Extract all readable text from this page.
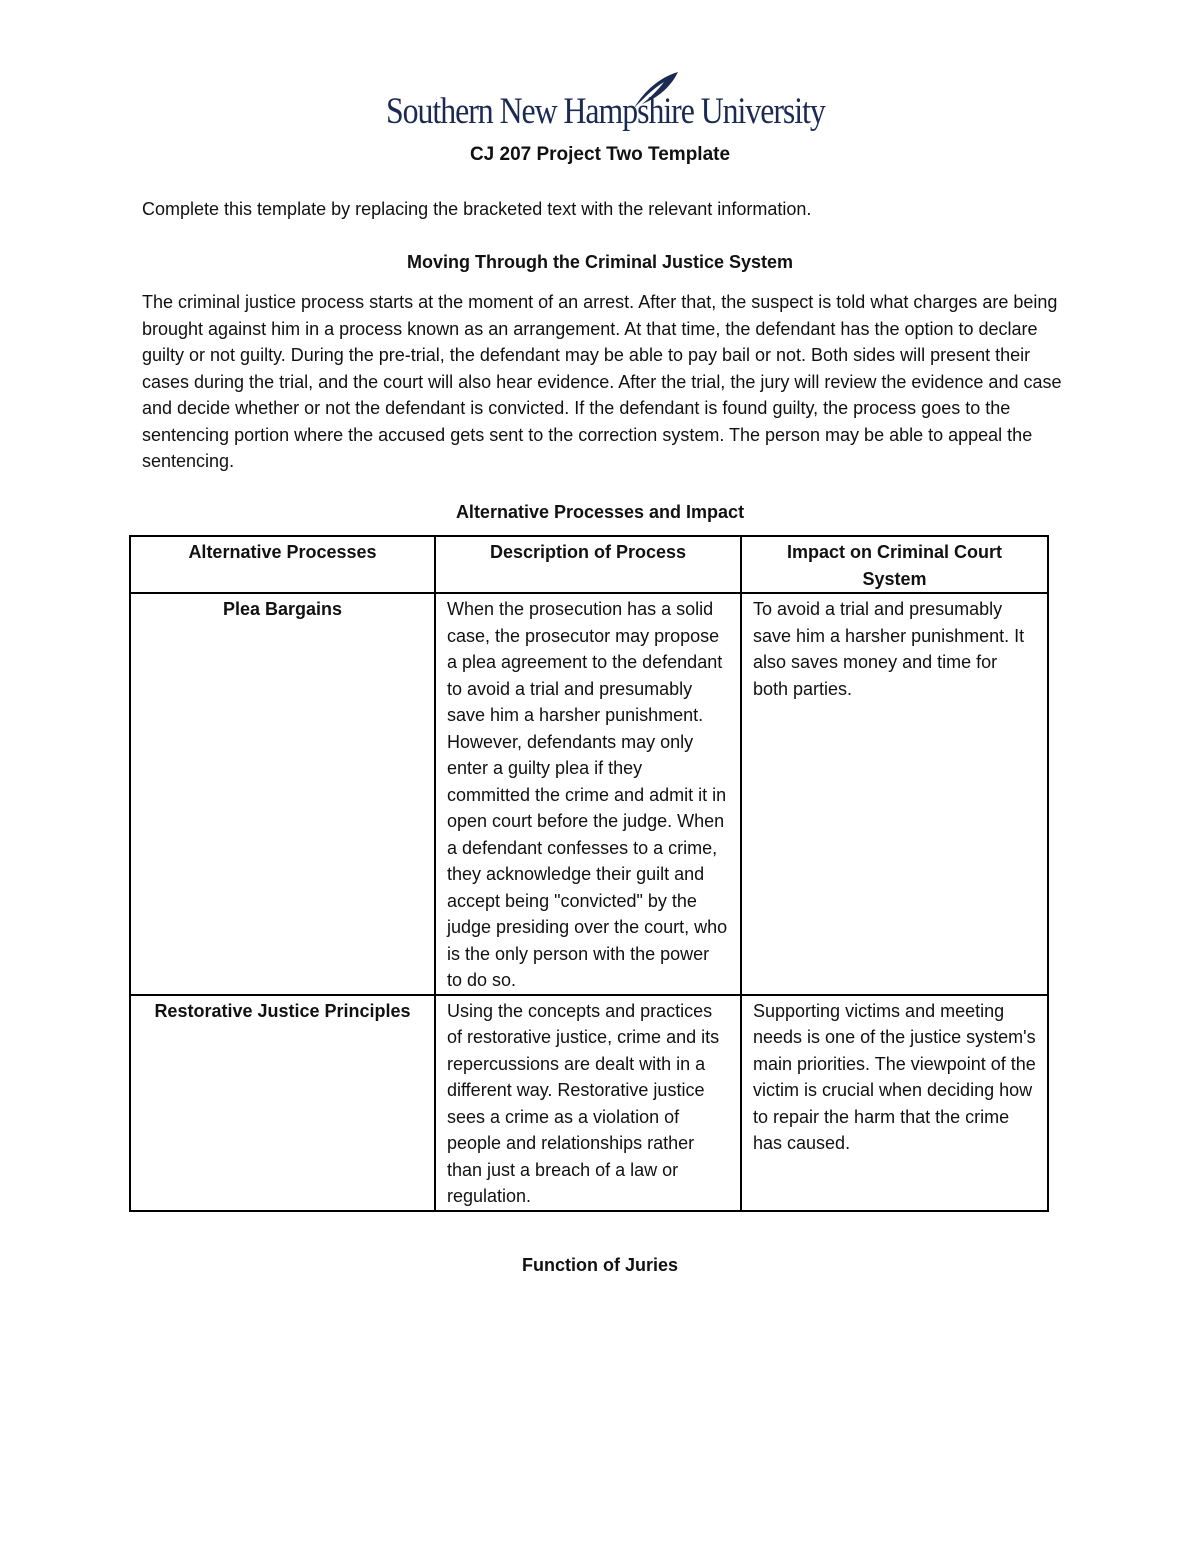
Southern New Hampshire University
CJ 207 Project Two Template

Complete this template by replacing the bracketed text with the relevant information.

Moving Through the Criminal Justice System

The criminal justice process starts at the moment of an arrest. After that, the suspect is told what charges are being brought against him in a process known as an arrangement. At that time, the defendant has the option to declare guilty or not guilty. During the pre-trial, the defendant may be able to pay bail or not. Both sides will present their cases during the trial, and the court will also hear evidence. After the trial, the jury will review the evidence and case and decide whether or not the defendant is convicted. If the defendant is found guilty, the process goes to the sentencing portion where the accused gets sent to the correction system. The person may be able to appeal the sentencing.

Alternative Processes and Impact
Alternative Processes	Description of Process	Impact on Criminal Court System
Plea Bargains	When the prosecution has a solid case, the prosecutor may propose a plea agreement to the defendant to avoid a trial and presumably save him a harsher punishment. However, defendants may only enter a guilty plea if they committed the crime and admit it in open court before the judge. When a defendant confesses to a crime, they acknowledge their guilt and accept being "convicted" by the judge presiding over the court, who is the only person with the power to do so.	To avoid a trial and presumably save him a harsher punishment. It also saves money and time for both parties.
Restorative Justice Principles	Using the concepts and practices of restorative justice, crime and its repercussions are dealt with in a different way. Restorative justice sees a crime as a violation of people and relationships rather than just a breach of a law or regulation.	Supporting victims and meeting needs is one of the justice system's main priorities. The viewpoint of the victim is crucial when deciding how to repair the harm that the crime has caused.
Function of Juries
